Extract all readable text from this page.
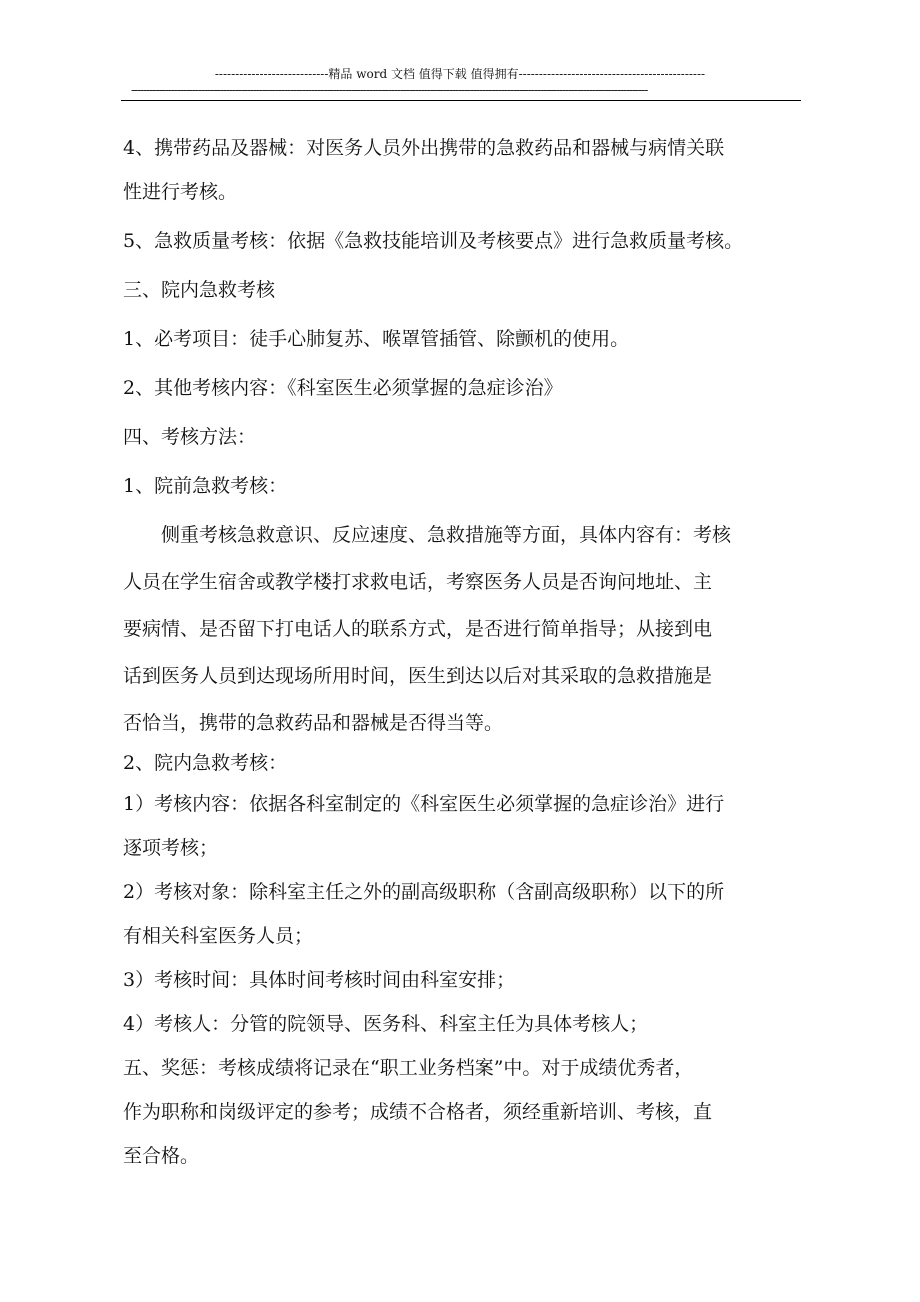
----------------------------精品 word 文档 值得下载 值得拥有----------------------------------------------
-------------------------------------------------------------------------------------------------------------------------------------------------------------------------

4、携带药品及器械：对医务人员外出携带的急救药品和器械与病情关联

性进行考核。

5、急救质量考核：依据《急救技能培训及考核要点》进行急救质量考核。

三、院内急救考核

1、必考项目：徒手心肺复苏、喉罩管插管、除颤机的使用。

2、其他考核内容：《科室医生必须掌握的急症诊治》

四、考核方法：

1、院前急救考核：

侧重考核急救意识、反应速度、急救措施等方面，具体内容有：考核

人员在学生宿舍或教学楼打求救电话，考察医务人员是否询问地址、主

要病情、是否留下打电话人的联系方式，是否进行简单指导；从接到电

话到医务人员到达现场所用时间，医生到达以后对其采取的急救措施是

否恰当，携带的急救药品和器械是否得当等。

2、院内急救考核：

1）考核内容：依据各科室制定的《科室医生必须掌握的急症诊治》进行

逐项考核；

2）考核对象：除科室主任之外的副高级职称（含副高级职称）以下的所

有相关科室医务人员；

3）考核时间：具体时间考核时间由科室安排；

4）考核人：分管的院领导、医务科、科室主任为具体考核人；

五、奖惩：考核成绩将记录在“职工业务档案”中。对于成绩优秀者，

作为职称和岗级评定的参考；成绩不合格者，须经重新培训、考核，直

至合格。
